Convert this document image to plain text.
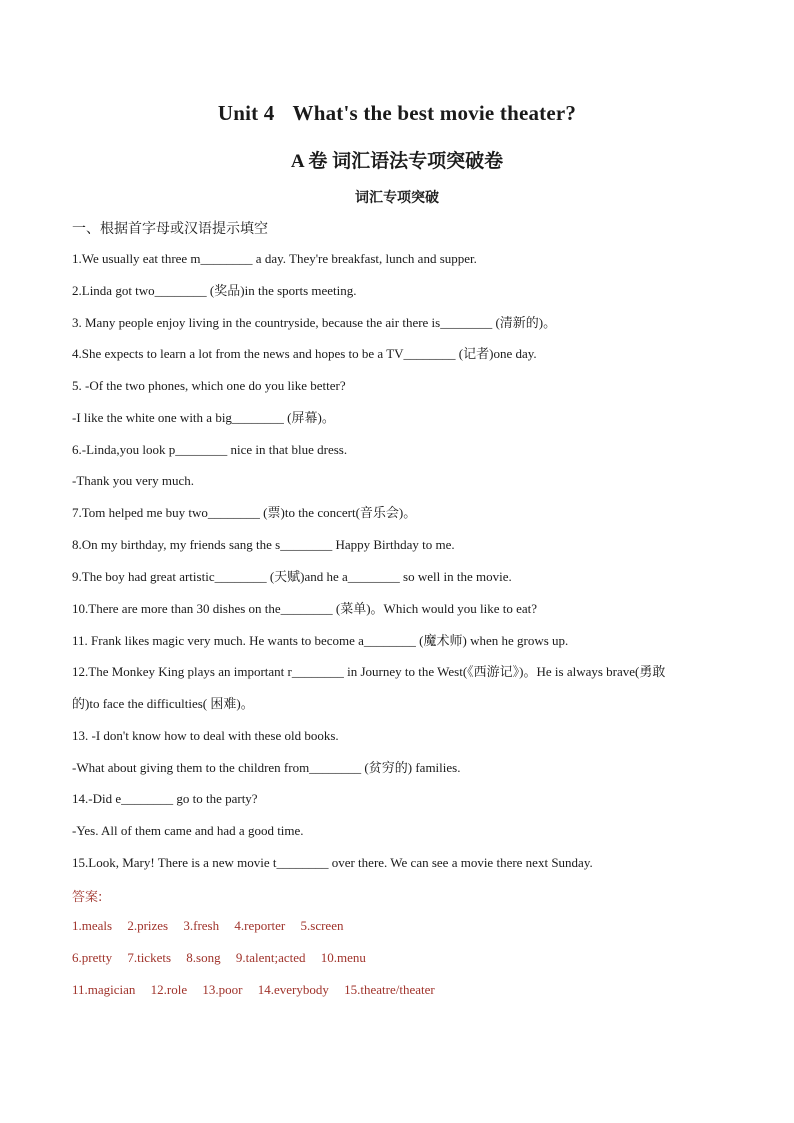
Unit 4 What's the best movie theater?
A 卷 词汇语法专项突破卷
词汇专项突破
一、根据首字母或汉语提示填空
1.We usually eat three m________ a day. They're breakfast, lunch and supper.
2.Linda got two________ (奖品)in the sports meeting.
3. Many people enjoy living in the countryside, because the air there is________ (清新的)。
4.She expects to learn a lot from the news and hopes to be a TV________ (记者)one day.
5. -Of the two phones, which one do you like better?
-I like the white one with a big________ (屏幕)。
6.-Linda,you look p________ nice in that blue dress.
-Thank you very much.
7.Tom helped me buy two________ (票)to the concert(音乐会)。
8.On my birthday, my friends sang the s________ Happy Birthday to me.
9.The boy had great artistic________ (天赋)and he a________ so well in the movie.
10.There are more than 30 dishes on the________ (菜单)。Which would you like to eat?
11. Frank likes magic very much. He wants to become a________ (魔术师) when he grows up.
12.The Monkey King plays an important r________ in Journey to the West(《西游记》)。He is always brave(勇敢
的)to face the difficulties( 困难)。
13. -I don't know how to deal with these old books.
-What about giving them to the children from________ (贫穷的) families.
14.-Did e________ go to the party?
-Yes. All of them came and had a good time.
15.Look, Mary! There is a new movie t________ over there. We can see a movie there next Sunday.
答案:
1.meals 2.prizes 3.fresh 4.reporter 5.screen
6.pretty 7.tickets 8.song 9.talent;acted 10.menu
11.magician 12.role 13.poor 14.everybody 15.theatre/theater
